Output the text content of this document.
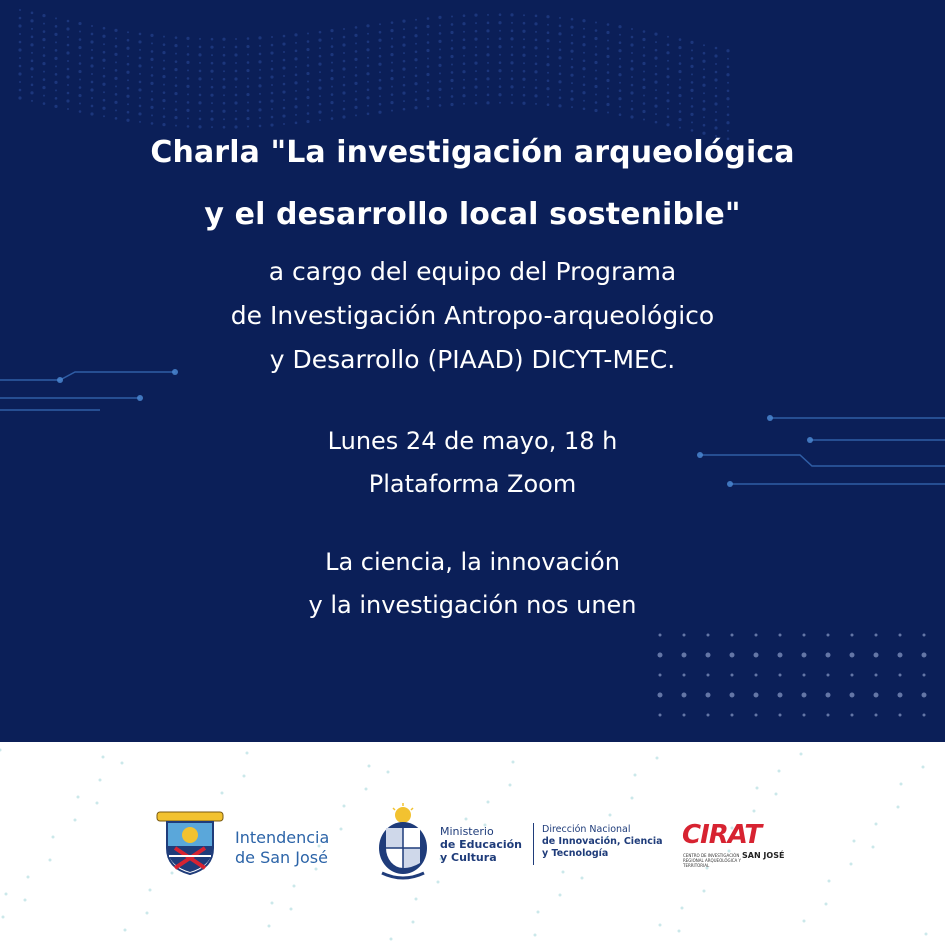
Charla "La investigación arqueológica
y el desarrollo local sostenible"
a cargo del equipo del Programa
de Investigación Antropo-arqueológico
y Desarrollo (PIAAD) DICYT-MEC.
Lunes 24 de mayo, 18 h
Plataforma Zoom
La ciencia, la innovación
y la investigación nos unen
Intendencia
de San José
Ministerio
de Educación
y Cultura
Dirección Nacional
de Innovación, Ciencia
y Tecnología
CIRAT
CENTRO DE INVESTIGACIÓN REGIONAL ARQUEOLÓGICA Y TERRITORIAL
SAN JOSÉ
